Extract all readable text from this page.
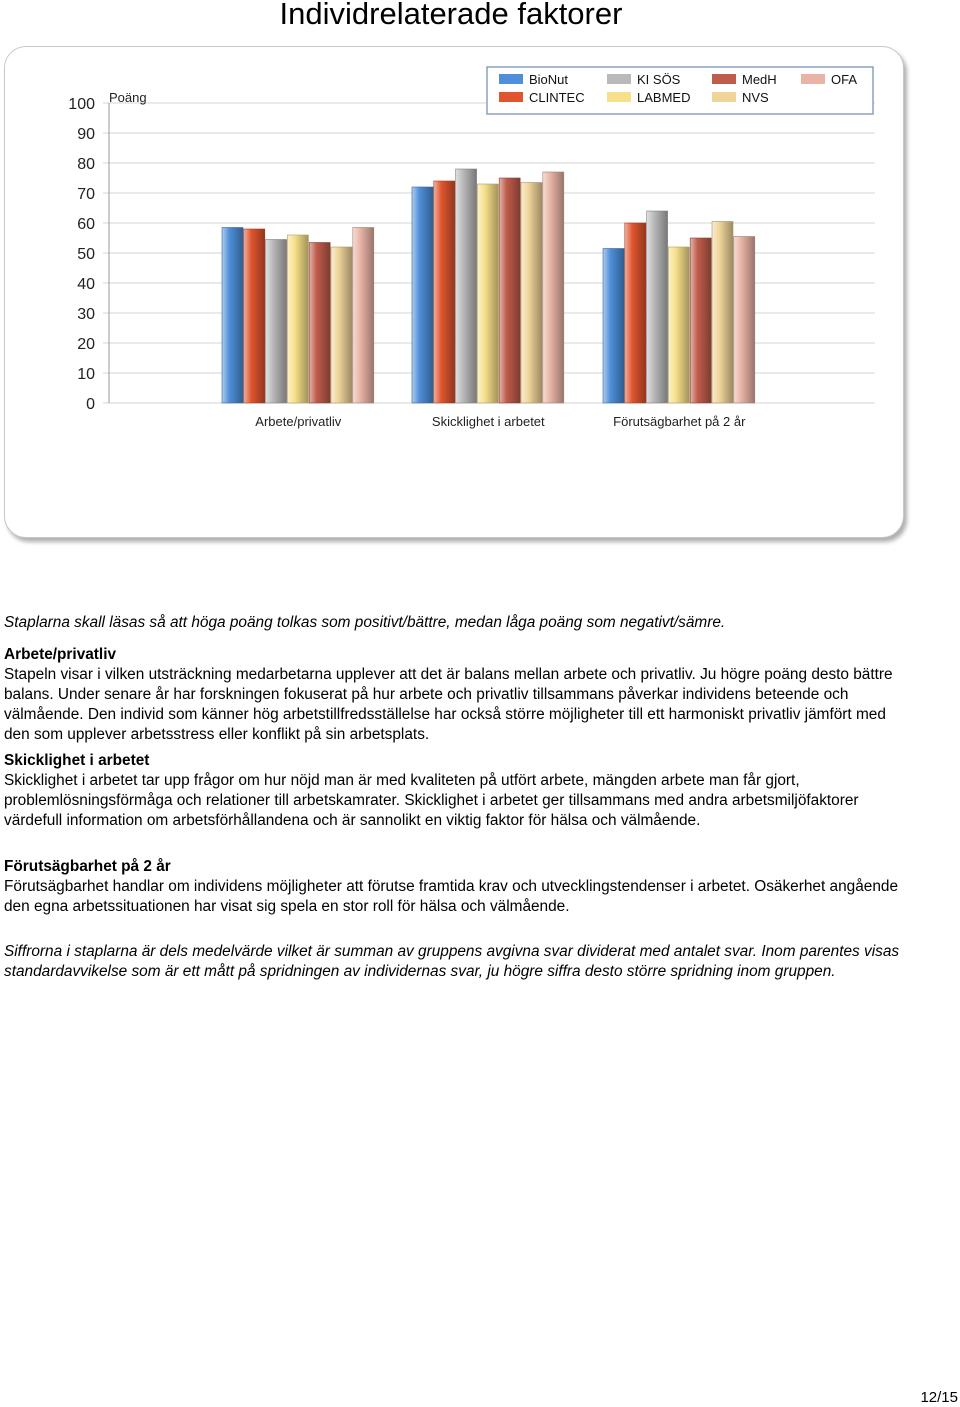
Individrelaterade faktorer
0
10
20
30
40
50
60
70
80
90
100 Poäng
Arbete/privatliv	Skicklighet i arbetet	Förutsägbarhet på 2 år
BioNut	KI SÖS	MedH	OFA
CLINTEC	LABMED	NVS

Staplarna skall läsas så att höga poäng tolkas som positivt/bättre, medan låga poäng som negativt/sämre.

Arbete/privatliv

Stapeln visar i vilken utsträckning medarbetarna upplever att det är balans mellan arbete och privatliv. Ju högre poäng desto bättre balans. Under senare år har forskningen fokuserat på hur arbete och privatliv tillsammans påverkar individens beteende och välmående. Den individ som känner hög arbetstillfredsställelse har också större möjligheter till ett harmoniskt privatliv jämfört med den som upplever arbetsstress eller konflikt på sin arbetsplats.

Skicklighet i arbetet

Skicklighet i arbetet tar upp frågor om hur nöjd man är med kvaliteten på utfört arbete, mängden arbete man får gjort, problemlösningsförmåga och relationer till arbetskamrater. Skicklighet i arbetet ger tillsammans med andra arbetsmiljöfaktorer värdefull information om arbetsförhållandena och är sannolikt en viktig faktor för hälsa och välmående.

Förutsägbarhet på 2 år

Förutsägbarhet handlar om individens möjligheter att förutse framtida krav och utvecklingstendenser i arbetet. Osäkerhet angående den egna arbetssituationen har visat sig spela en stor roll för hälsa och välmående.

Siffrorna i staplarna är dels medelvärde vilket är summan av gruppens avgivna svar dividerat med antalet svar. Inom parentes visas standardavvikelse som är ett mått på spridningen av individernas svar, ju högre siffra desto större spridning inom gruppen.

12/15
